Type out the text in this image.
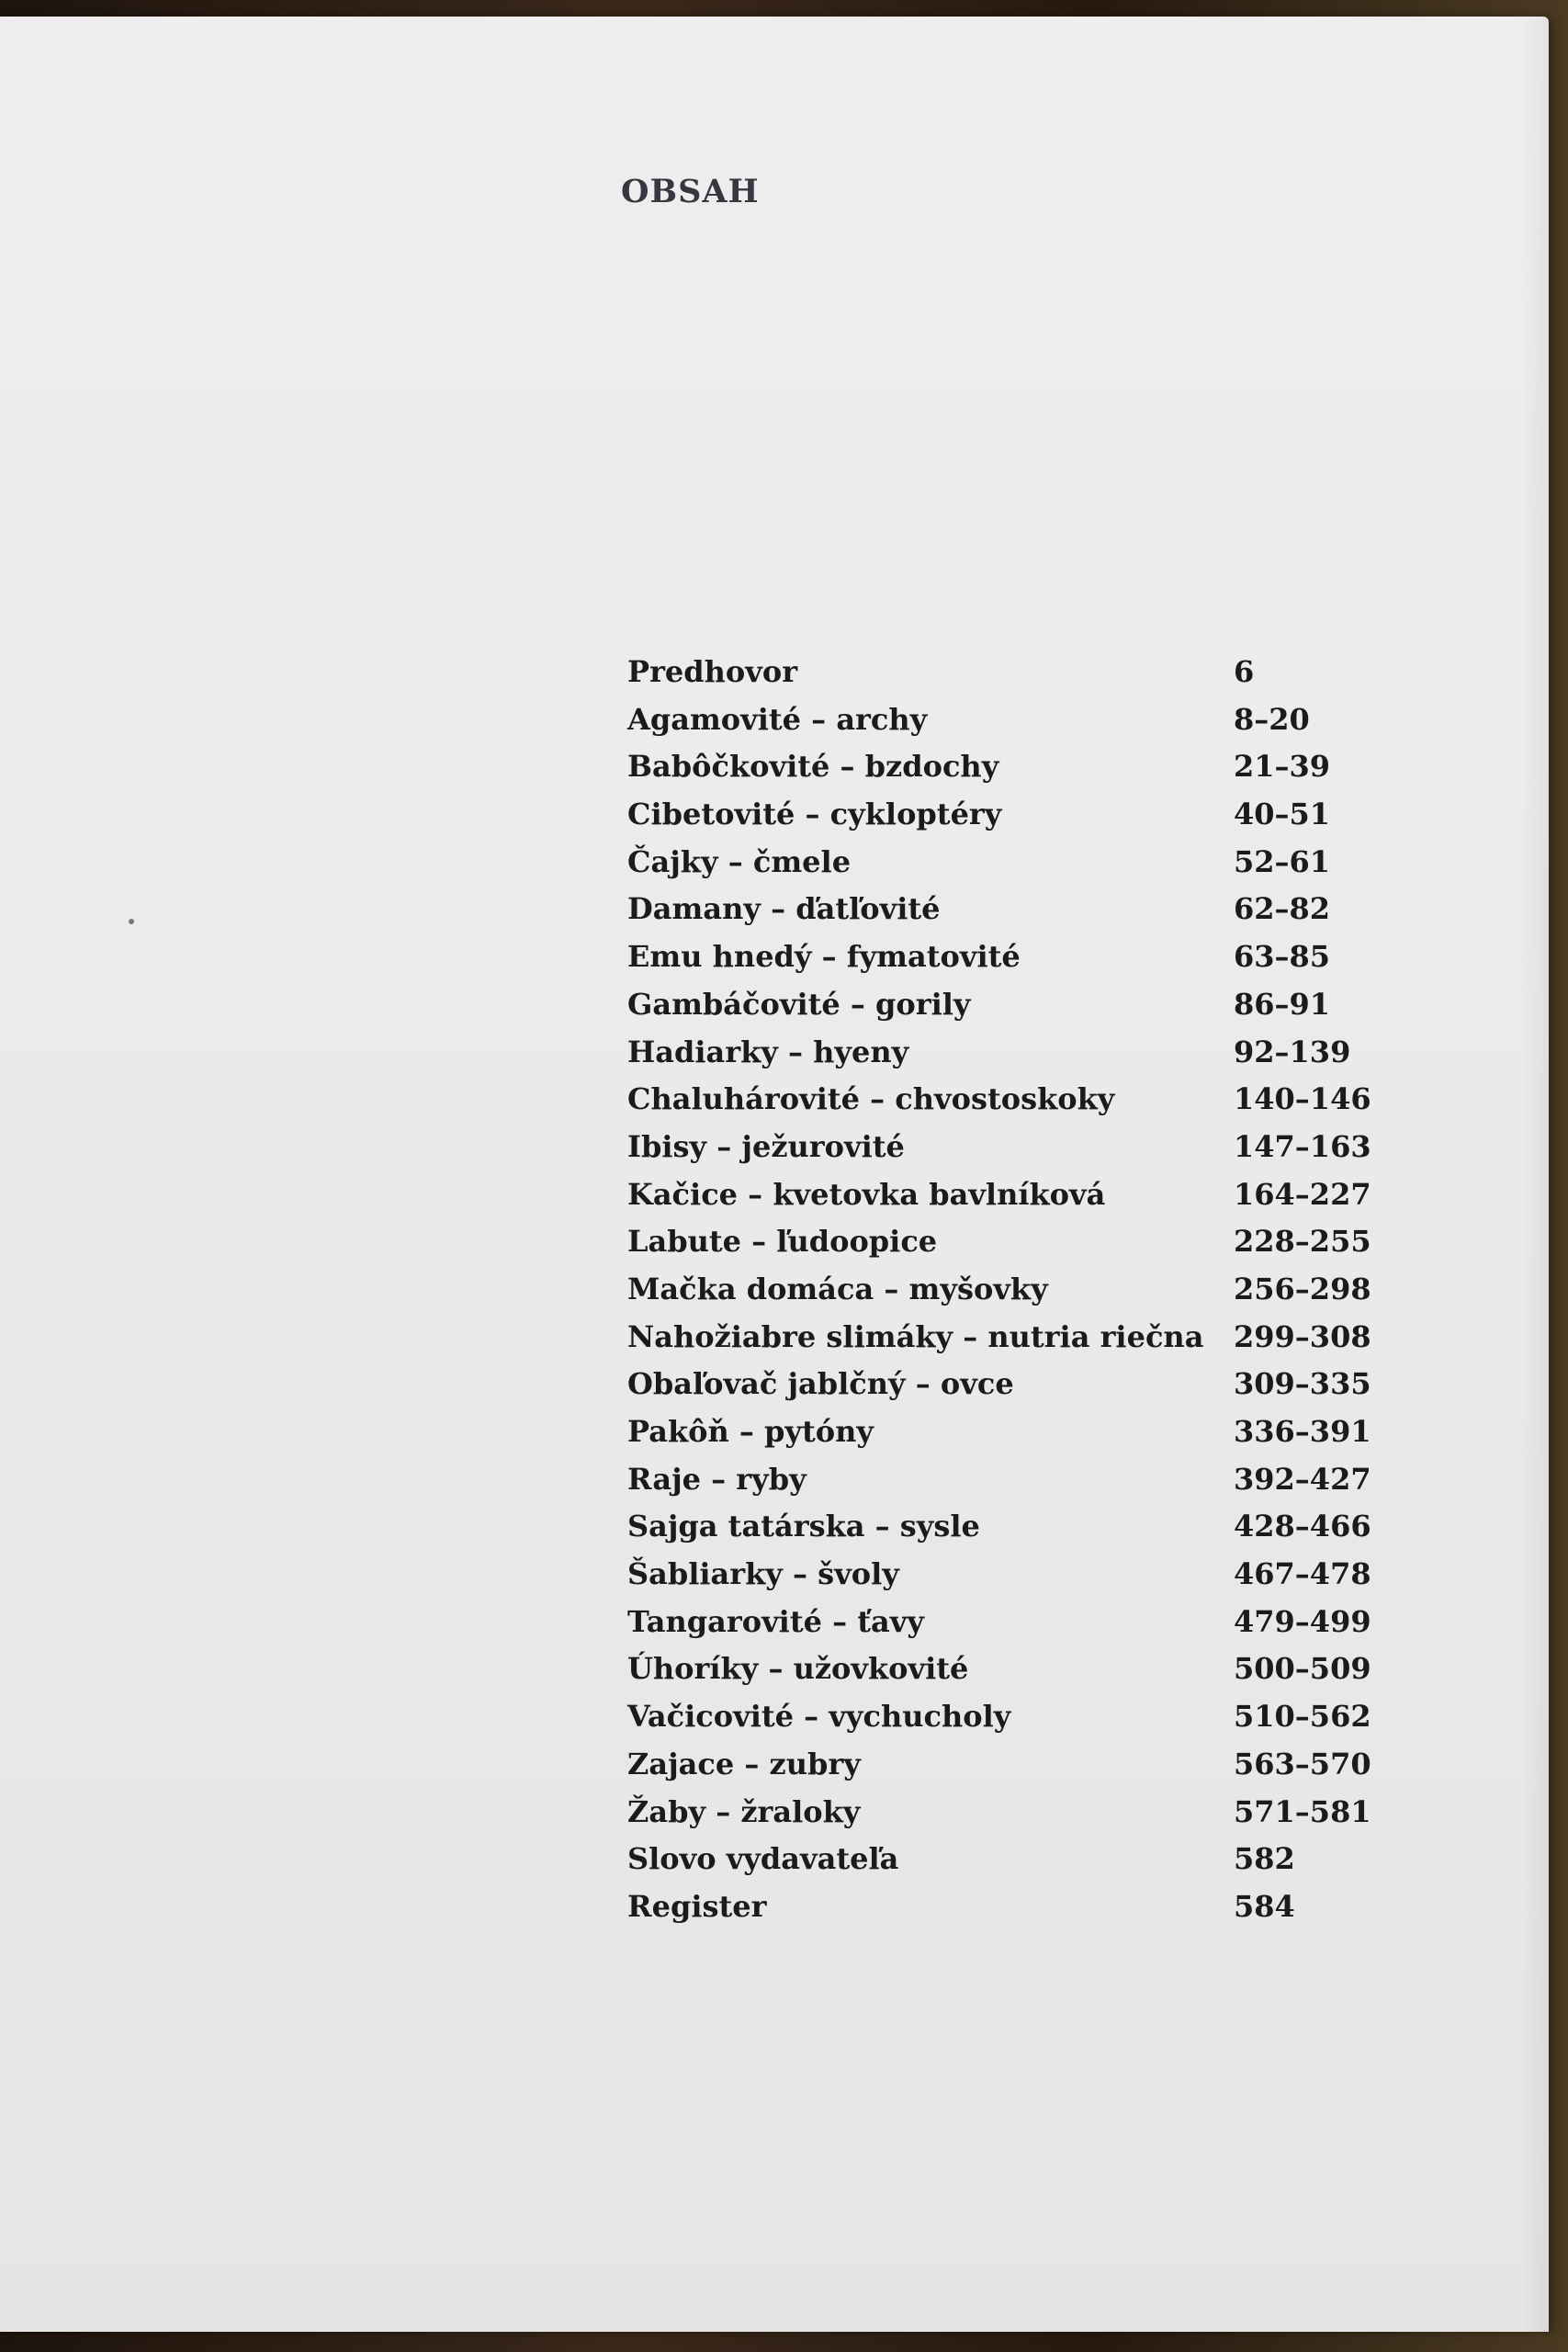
OBSAH
Predhovor	6
Agamovité – archy	8–20
Babôčkovité – bzdochy	21–39
Cibetovité – cykloptéry	40–51
Čajky – čmele	52–61
Damany – ďatľovité	62–82
Emu hnedý – fymatovité	63–85
Gambáčovité – gorily	86–91
Hadiarky – hyeny	92–139
Chaluhárovité – chvostoskoky	140–146
Ibisy – ježurovité	147–163
Kačice – kvetovka bavlníková	164–227
Labute – ľudoopice	228–255
Mačka domáca – myšovky	256–298
Nahožiabre slimáky – nutria riečna 299–308
Obaľovač jablčný – ovce	309–335
Pakôň – pytóny	336–391
Raje – ryby	392–427
Sajga tatárska – sysle	428–466
Šabliarky – švoly	467–478
Tangarovité – ťavy	479–499
Úhoríky – užovkovité	500–509
Vačicovité – vychucholy	510–562
Zajace – zubry	563–570
Žaby – žraloky	571–581
Slovo vydavateľa	582
Register	584
